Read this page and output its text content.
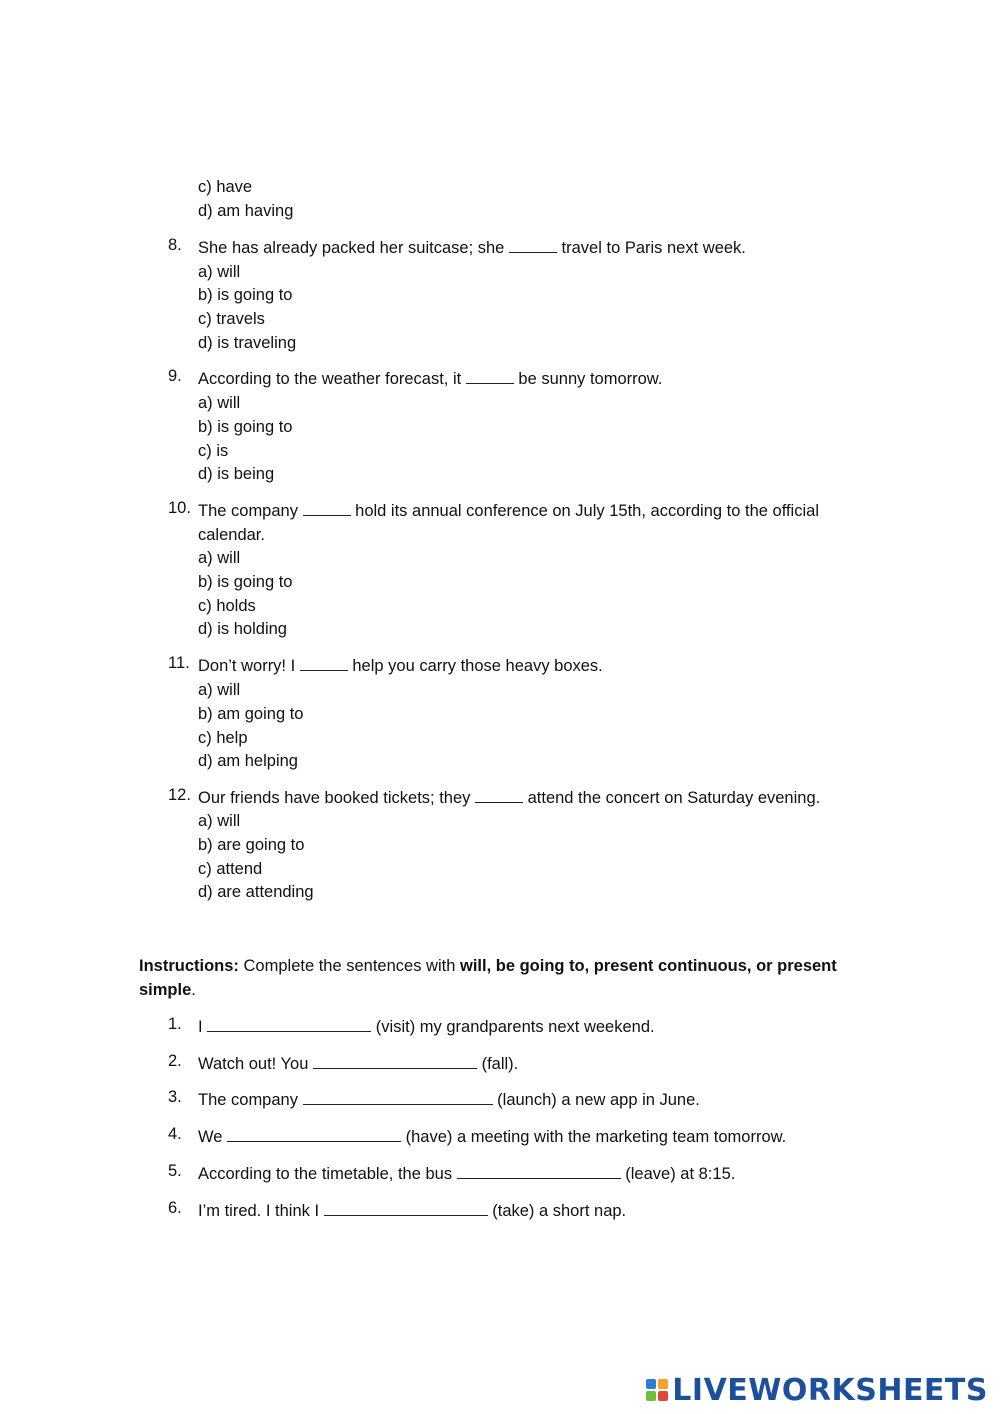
c) have
d) am having
8. She has already packed her suitcase; she	travel to Paris next week.
a) will
b) is going to
c) travels
d) is traveling
9. According to the weather forecast, it	be sunny tomorrow.
a) will
b) is going to
c) is
d) is being
10. The company	hold its annual conference on July 15th, according to the official calendar.
a) will
b) is going to
c) holds
d) is holding
11. Don’t worry! I	help you carry those heavy boxes.
a) will
b) am going to
c) help
d) am helping
12. Our friends have booked tickets; they	attend the concert on Saturday evening.
a) will
b) are going to
c) attend
d) are attending
Instructions: Complete the sentences with will, be going to, present continuous, or present simple.
1. I	(visit) my grandparents next weekend.
2. Watch out! You	(fall).
3. The company	(launch) a new app in June.
4. We	(have) a meeting with the marketing team tomorrow.
5. According to the timetable, the bus	(leave) at 8:15.
6. I’m tired. I think I	(take) a short nap.
LIVEWORKSHEETS
